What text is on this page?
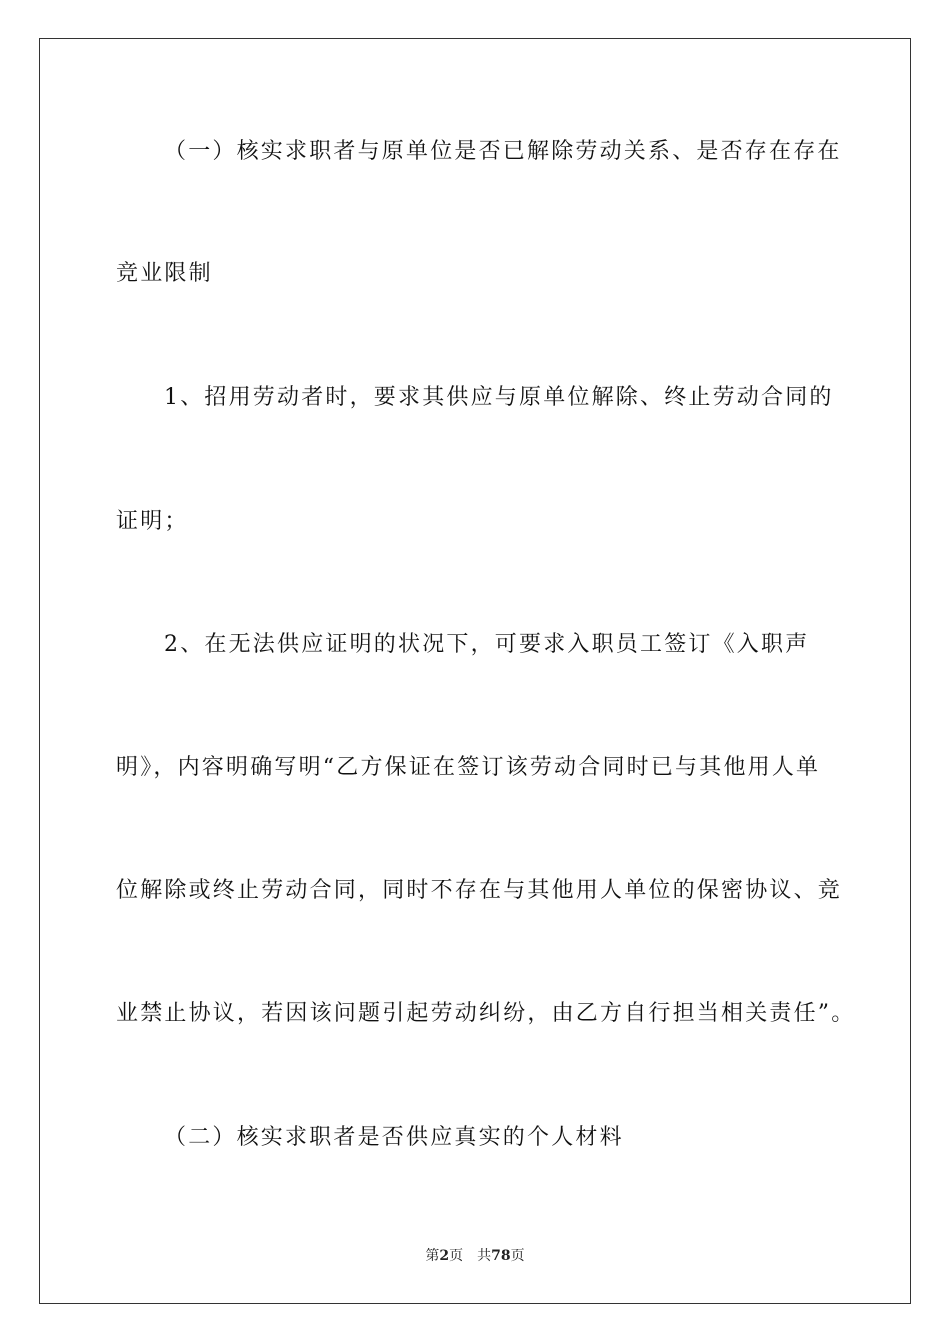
（一）核实求职者与原单位是否已解除劳动关系、是否存在存在
竞业限制
1、招用劳动者时，要求其供应与原单位解除、终止劳动合同的
证明；
2、在无法供应证明的状况下，可要求入职员工签订《入职声
明》，内容明确写明“乙方保证在签订该劳动合同时已与其他用人单
位解除或终止劳动合同，同时不存在与其他用人单位的保密协议、竞
业禁止协议，若因该问题引起劳动纠纷，由乙方自行担当相关责任”。
（二）核实求职者是否供应真实的个人材料
第2页 共78页
